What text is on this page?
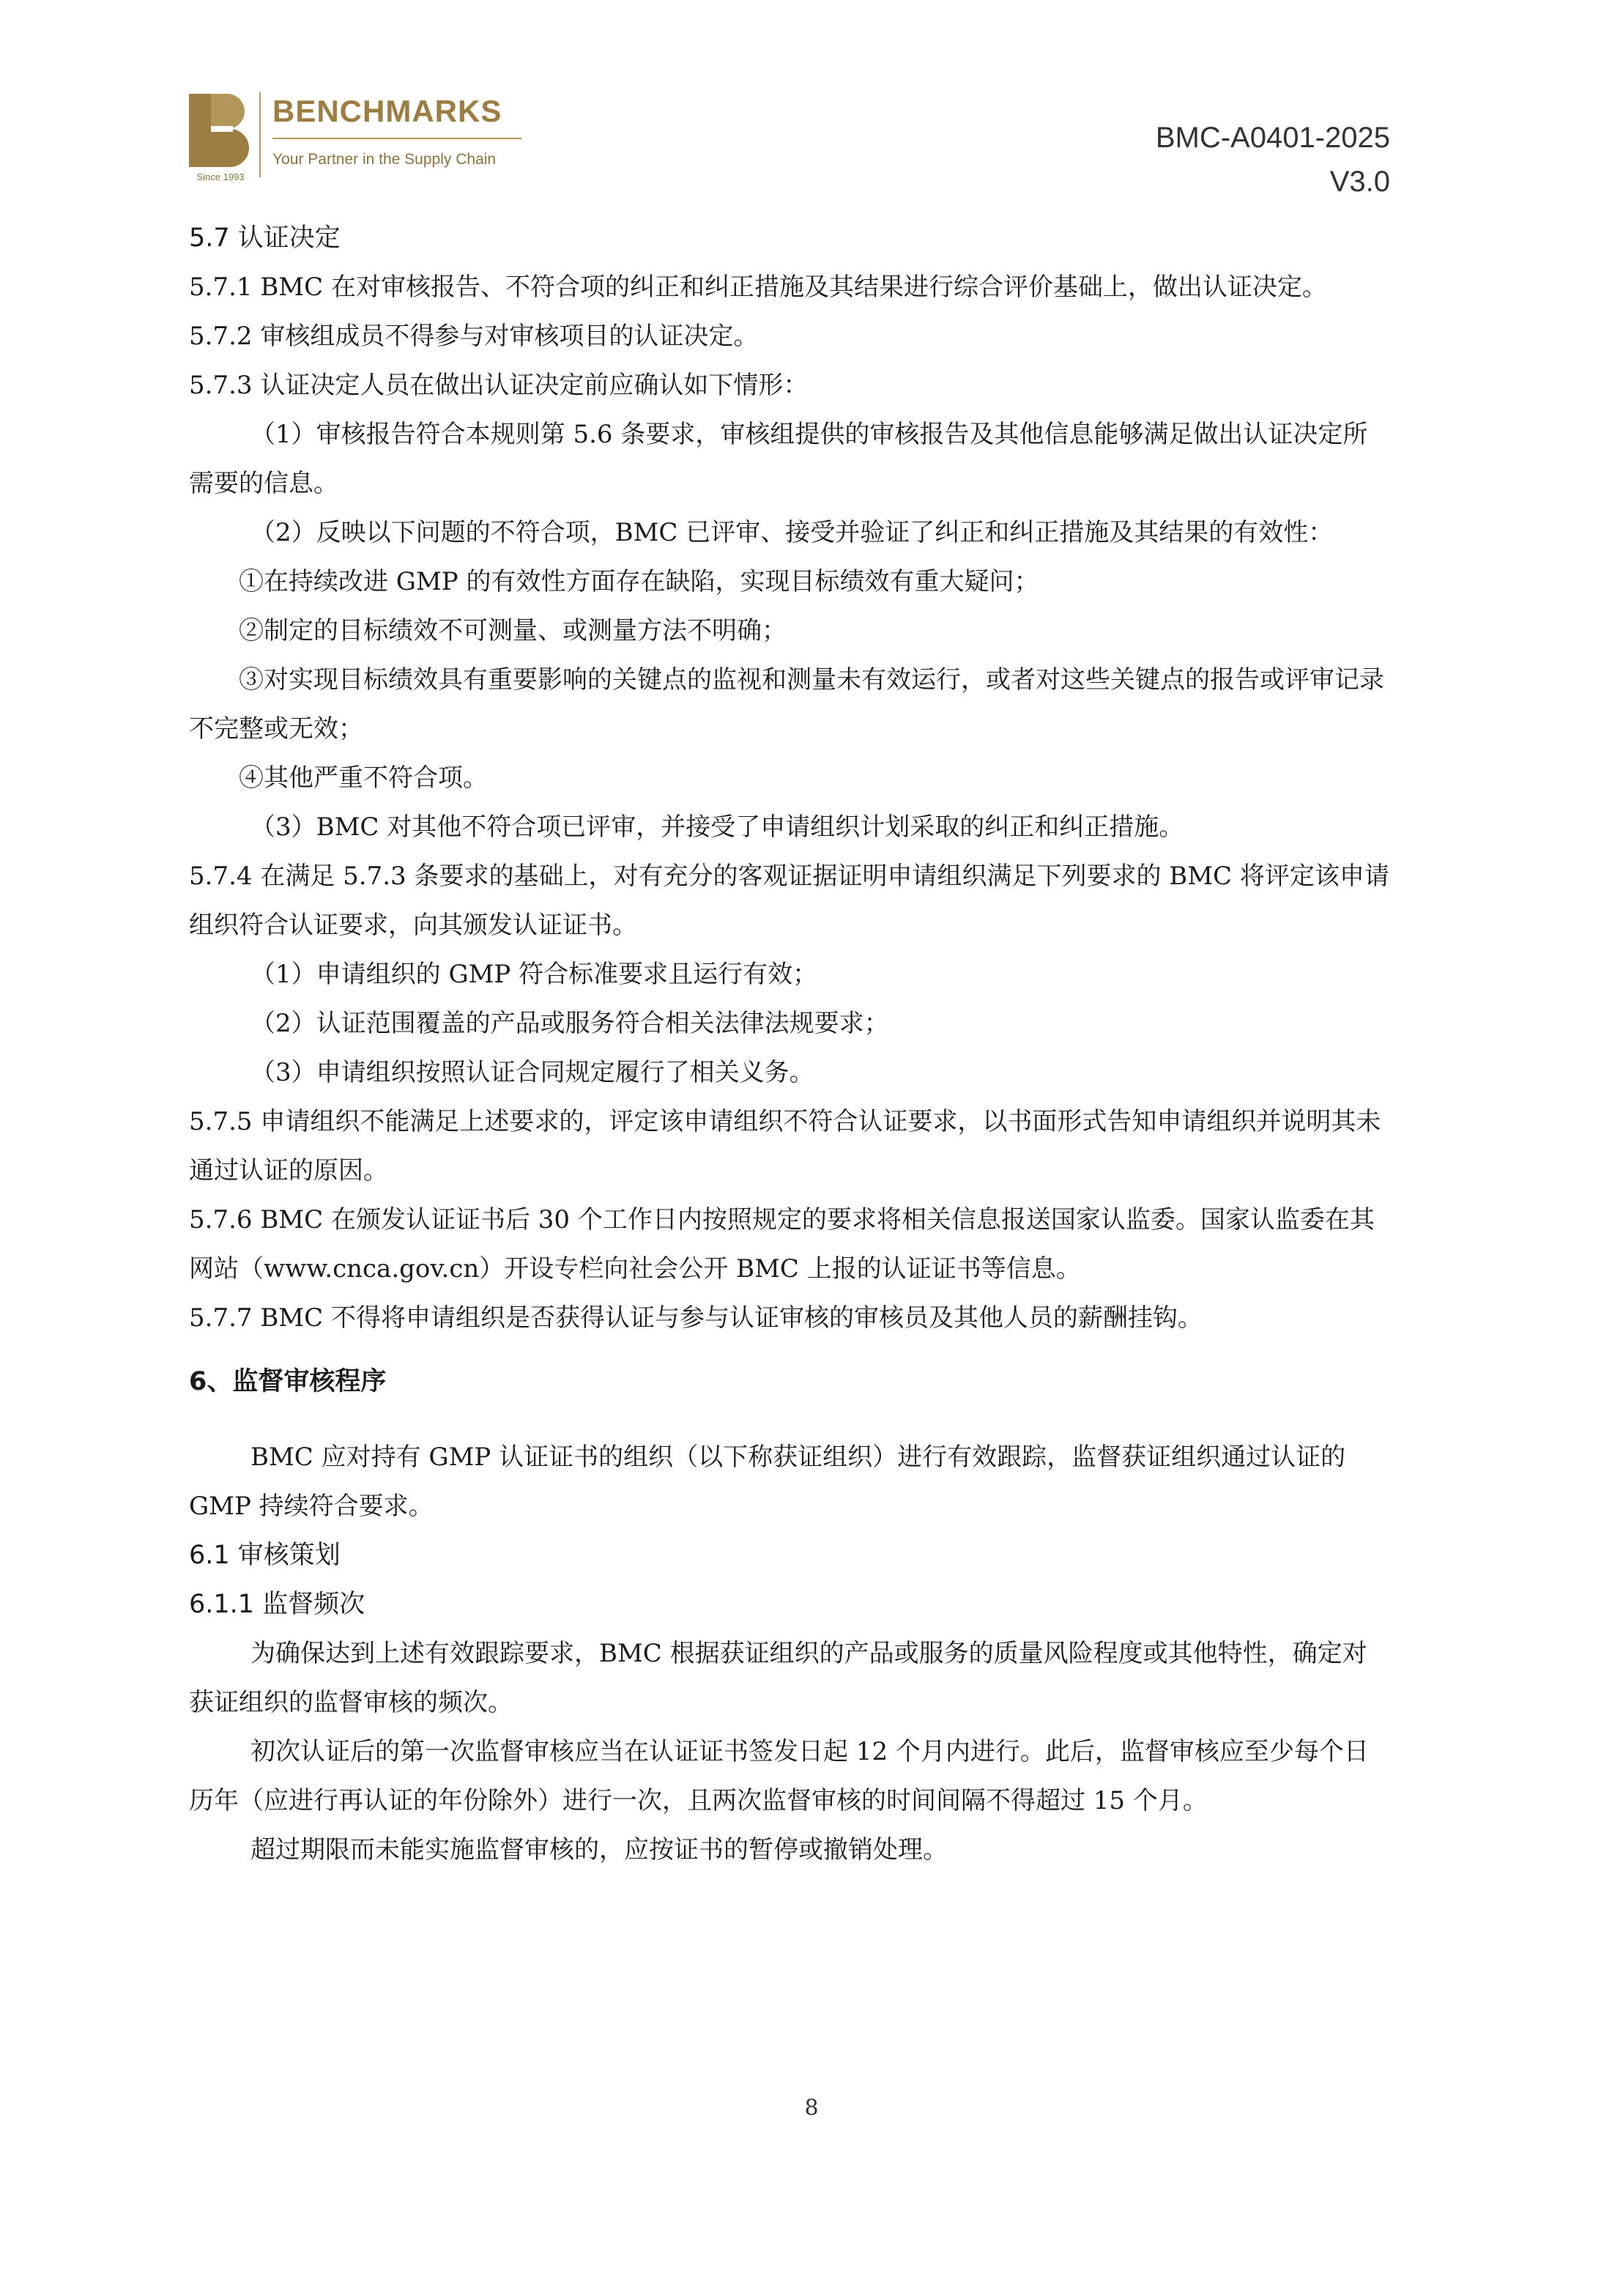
Since 1993
BENCHMARKS
Your Partner in the Supply Chain
BMC-A0401-2025
V3.0

5.7 认证决定

5.7.1 BMC 在对审核报告、不符合项的纠正和纠正措施及其结果进行综合评价基础上，做出认证决定。

5.7.2 审核组成员不得参与对审核项目的认证决定。

5.7.3 认证决定人员在做出认证决定前应确认如下情形：

（1）审核报告符合本规则第 5.6 条要求，审核组提供的审核报告及其他信息能够满足做出认证决定所需要的信息。

（2）反映以下问题的不符合项，BMC 已评审、接受并验证了纠正和纠正措施及其结果的有效性：

①在持续改进 GMP 的有效性方面存在缺陷，实现目标绩效有重大疑问；

②制定的目标绩效不可测量、或测量方法不明确；

③对实现目标绩效具有重要影响的关键点的监视和测量未有效运行，或者对这些关键点的报告或评审记录不完整或无效；

④其他严重不符合项。

（3）BMC 对其他不符合项已评审，并接受了申请组织计划采取的纠正和纠正措施。

5.7.4 在满足 5.7.3 条要求的基础上，对有充分的客观证据证明申请组织满足下列要求的 BMC 将评定该申请组织符合认证要求，向其颁发认证证书。

（1）申请组织的 GMP 符合标准要求且运行有效；

（2）认证范围覆盖的产品或服务符合相关法律法规要求；

（3）申请组织按照认证合同规定履行了相关义务。

5.7.5 申请组织不能满足上述要求的，评定该申请组织不符合认证要求，以书面形式告知申请组织并说明其未通过认证的原因。

5.7.6 BMC 在颁发认证证书后 30 个工作日内按照规定的要求将相关信息报送国家认监委。国家认监委在其网站（www.cnca.gov.cn）开设专栏向社会公开 BMC 上报的认证证书等信息。

5.7.7 BMC 不得将申请组织是否获得认证与参与认证审核的审核员及其他人员的薪酬挂钩。

6、监督审核程序

BMC 应对持有 GMP 认证证书的组织（以下称获证组织）进行有效跟踪，监督获证组织通过认证的 GMP 持续符合要求。

6.1 审核策划

6.1.1 监督频次

为确保达到上述有效跟踪要求，BMC 根据获证组织的产品或服务的质量风险程度或其他特性，确定对获证组织的监督审核的频次。

初次认证后的第一次监督审核应当在认证证书签发日起 12 个月内进行。此后，监督审核应至少每个日历年（应进行再认证的年份除外）进行一次，且两次监督审核的时间间隔不得超过 15 个月。

超过期限而未能实施监督审核的，应按证书的暂停或撤销处理。

8
